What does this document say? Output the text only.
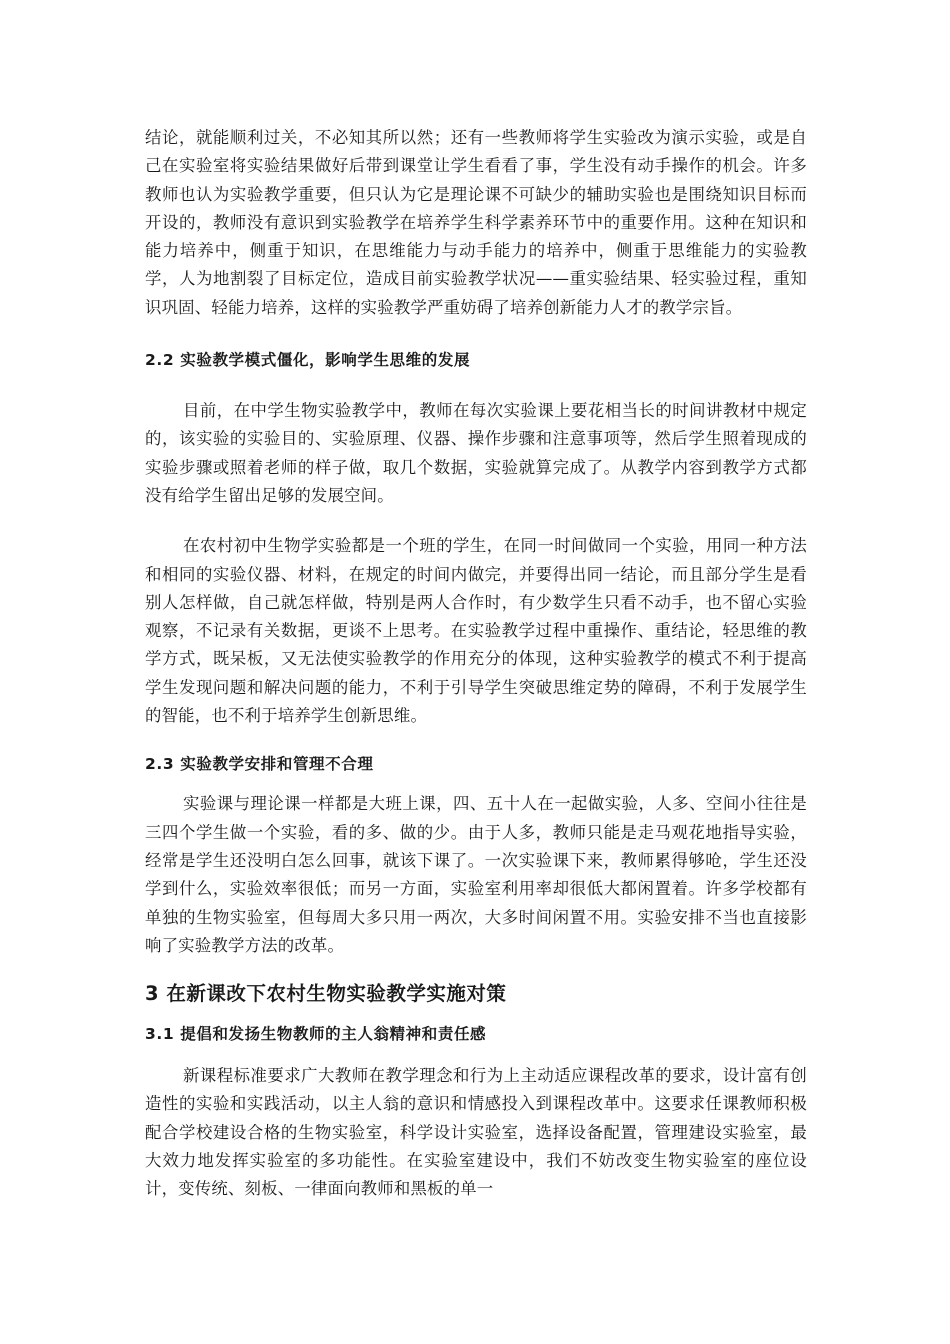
结论，就能顺利过关，不必知其所以然；还有一些教师将学生实验改为演示实验，或是自己在实验室将实验结果做好后带到课堂让学生看看了事，学生没有动手操作的机会。许多教师也认为实验教学重要，但只认为它是理论课不可缺少的辅助实验也是围绕知识目标而开设的，教师没有意识到实验教学在培养学生科学素养环节中的重要作用。这种在知识和能力培养中，侧重于知识，在思维能力与动手能力的培养中，侧重于思维能力的实验教学，人为地割裂了目标定位，造成目前实验教学状况——重实验结果、轻实验过程，重知识巩固、轻能力培养，这样的实验教学严重妨碍了培养创新能力人才的教学宗旨。

2.2 实验教学模式僵化，影响学生思维的发展

目前，在中学生物实验教学中，教师在每次实验课上要花相当长的时间讲教材中规定的，该实验的实验目的、实验原理、仪器、操作步骤和注意事项等，然后学生照着现成的实验步骤或照着老师的样子做，取几个数据，实验就算完成了。从教学内容到教学方式都没有给学生留出足够的发展空间。

在农村初中生物学实验都是一个班的学生，在同一时间做同一个实验，用同一种方法和相同的实验仪器、材料，在规定的时间内做完，并要得出同一结论，而且部分学生是看别人怎样做，自己就怎样做，特别是两人合作时，有少数学生只看不动手，也不留心实验观察，不记录有关数据，更谈不上思考。在实验教学过程中重操作、重结论，轻思维的教学方式，既呆板，又无法使实验教学的作用充分的体现，这种实验教学的模式不利于提高学生发现问题和解决问题的能力，不利于引导学生突破思维定势的障碍，不利于发展学生的智能，也不利于培养学生创新思维。

2.3 实验教学安排和管理不合理

实验课与理论课一样都是大班上课，四、五十人在一起做实验，人多、空间小往往是三四个学生做一个实验，看的多、做的少。由于人多，教师只能是走马观花地指导实验，经常是学生还没明白怎么回事，就该下课了。一次实验课下来，教师累得够呛，学生还没学到什么，实验效率很低；而另一方面，实验室利用率却很低大都闲置着。许多学校都有单独的生物实验室，但每周大多只用一两次，大多时间闲置不用。实验安排不当也直接影响了实验教学方法的改革。

3 在新课改下农村生物实验教学实施对策
3.1 提倡和发扬生物教师的主人翁精神和责任感

新课程标准要求广大教师在教学理念和行为上主动适应课程改革的要求，设计富有创造性的实验和实践活动，以主人翁的意识和情感投入到课程改革中。这要求任课教师积极配合学校建设合格的生物实验室，科学设计实验室，选择设备配置，管理建设实验室，最大效力地发挥实验室的多功能性。在实验室建设中，我们不妨改变生物实验室的座位设计，变传统、刻板、一律面向教师和黑板的单一
